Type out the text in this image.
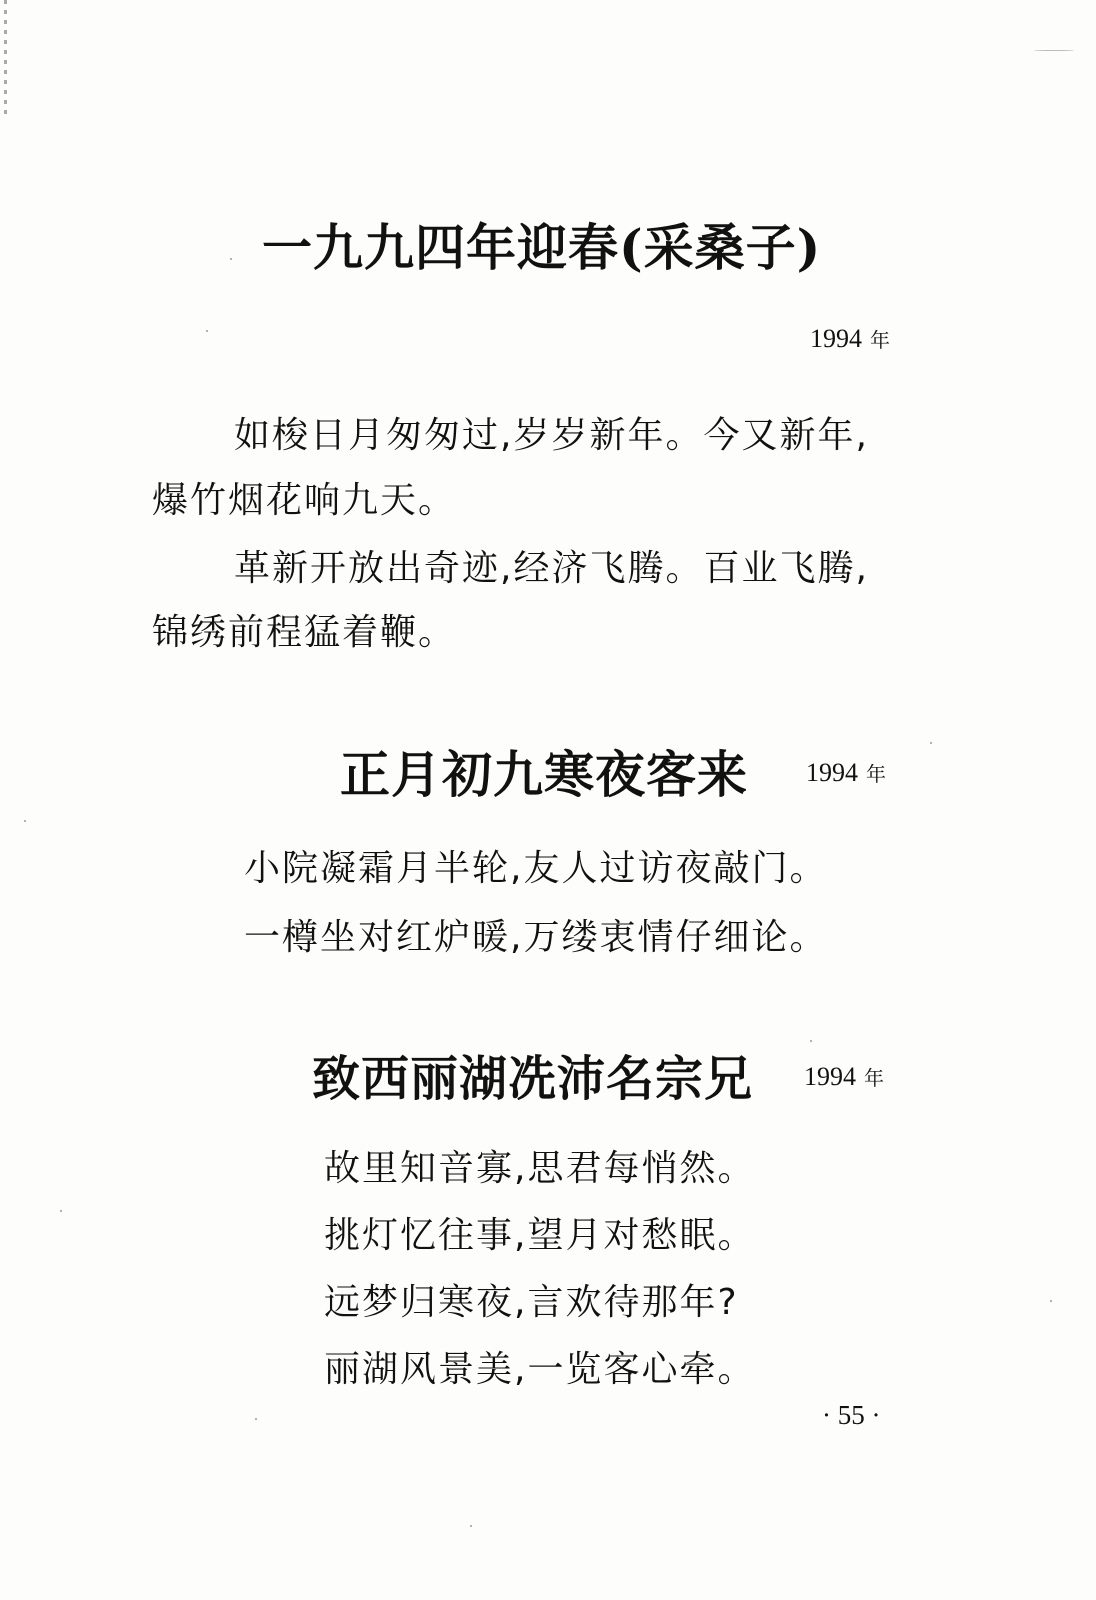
一九九四年迎春(采桑子)
1994 年
如梭日月匆匆过,岁岁新年。今又新年,
爆竹烟花响九天。
革新开放出奇迹,经济飞腾。百业飞腾,
锦绣前程猛着鞭。
正月初九寒夜客来 1994 年
小院凝霜月半轮,友人过访夜敲门。
一樽坐对红炉暖,万缕衷情仔细论。
致西丽湖冼沛名宗兄 1994 年
故里知音寡,思君每悄然。
挑灯忆往事,望月对愁眠。
远梦归寒夜,言欢待那年?
丽湖风景美,一览客心牵。
· 55 ·
